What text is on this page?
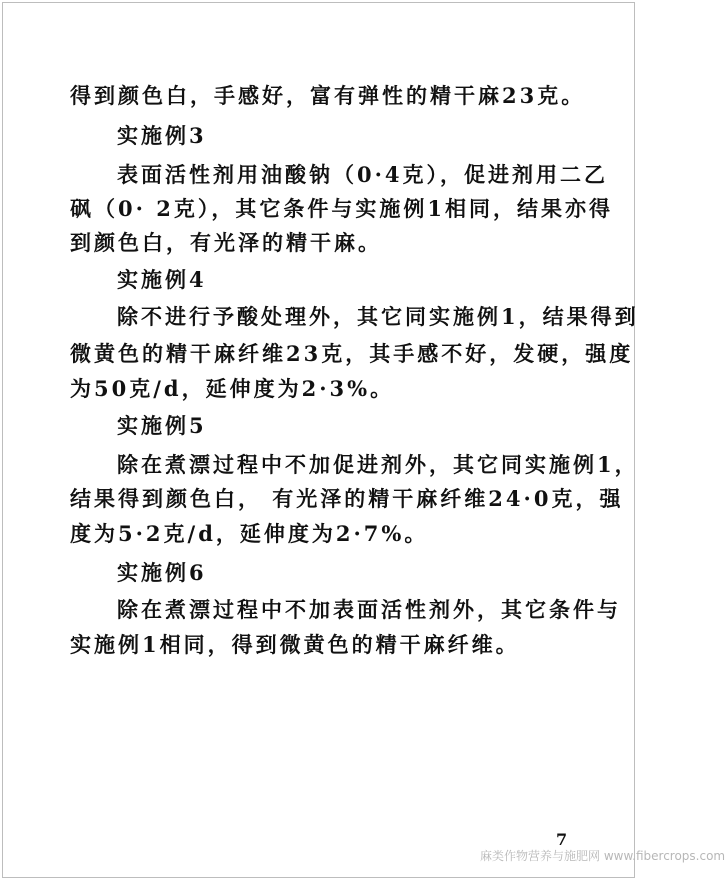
得到颜色白，手感好，富有弹性的精干麻23克。

实施例3

表面活性剂用油酸钠（0·4克），促进剂用二乙

砜（0· 2克），其它条件与实施例1相同，结果亦得

到颜色白，有光泽的精干麻。

实施例4

除不进行予酸处理外，其它同实施例1，结果得到

微黄色的精干麻纤维23克，其手感不好，发硬，强度

为50克/d，延伸度为2·3%。

实施例5

除在煮漂过程中不加促进剂外，其它同实施例1，

结果得到颜色白， 有光泽的精干麻纤维24·0克，强

度为5·2克/d，延伸度为2·7%。

实施例6

除在煮漂过程中不加表面活性剂外，其它条件与

实施例1相同，得到微黄色的精干麻纤维。

7

麻类作物营养与施肥网 www.fibercrops.com
